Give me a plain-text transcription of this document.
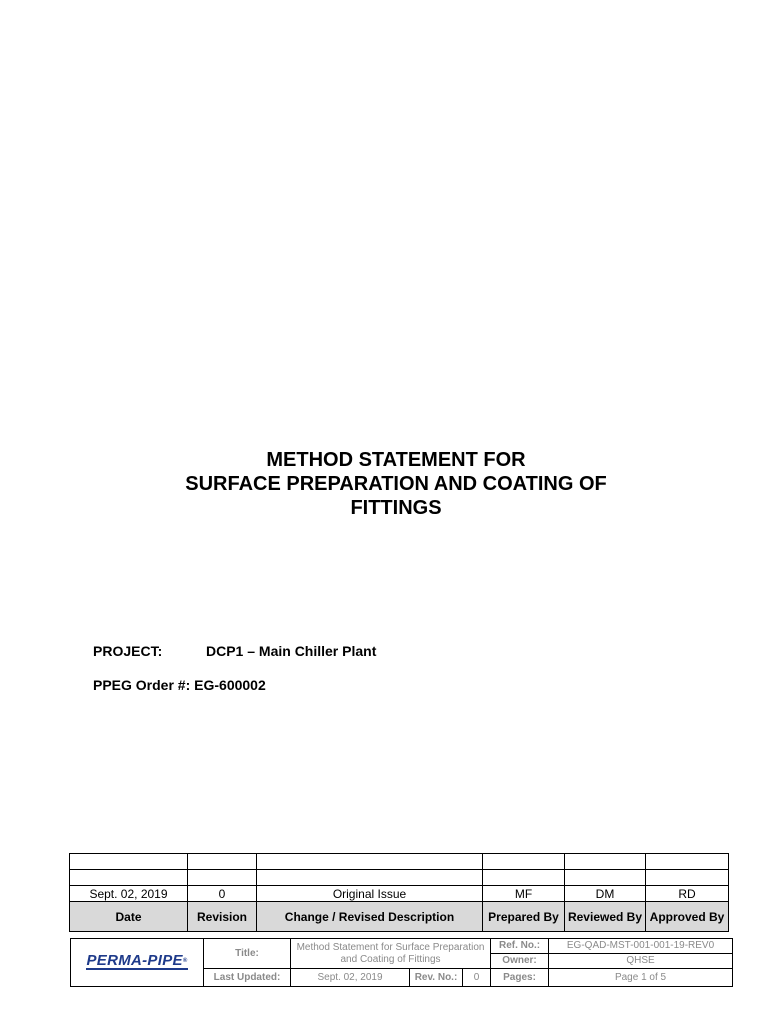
METHOD STATEMENT FOR
SURFACE PREPARATION AND COATING OF
FITTINGS
PROJECT:	DCP1 – Main Chiller Plant
PPEG Order #: EG-600002

Sept. 02, 2019	0	Original Issue	MF	DM	RD
Date	Revision	Change / Revised Description	Prepared By	Reviewed By	Approved By
PERMA-PIPE®	Title:	Method Statement for Surface Preparation and Coating of Fittings			Ref. No.:	EG-QAD-MST-001-001-19-REV0
					Owner:	QHSE
	Last Updated:	Sept. 02, 2019	Rev. No.:	0	Pages:	Page 1 of 5
